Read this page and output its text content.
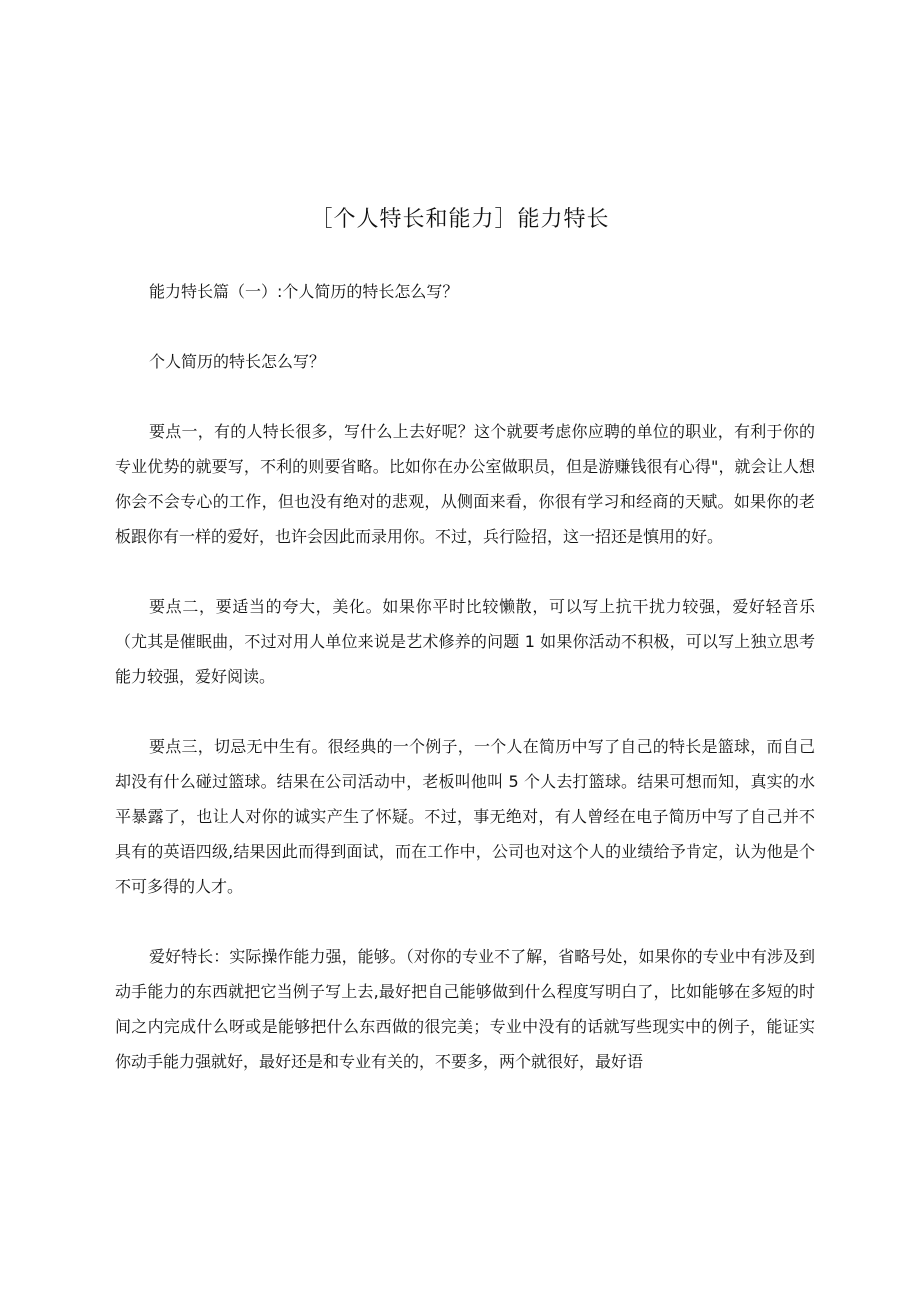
［个人特长和能力］能力特长

能力特长篇（一）:个人简历的特长怎么写？

个人简历的特长怎么写？

要点一，有的人特长很多，写什么上去好呢？这个就要考虑你应聘的单位的职业，有利于你的专业优势的就要写，不利的则要省略。比如你在办公室做职员，但是游赚钱很有心得"，就会让人想你会不会专心的工作，但也没有绝对的悲观，从侧面来看，你很有学习和经商的天赋。如果你的老板跟你有一样的爱好，也许会因此而录用你。不过，兵行险招，这一招还是慎用的好。

要点二，要适当的夸大，美化。如果你平时比较懒散，可以写上抗干扰力较强，爱好轻音乐（尤其是催眠曲，不过对用人单位来说是艺术修养的问题 1 如果你活动不积极，可以写上独立思考能力较强，爱好阅读。

要点三，切忌无中生有。很经典的一个例子，一个人在简历中写了自己的特长是篮球，而自己却没有什么碰过篮球。结果在公司活动中，老板叫他叫 5 个人去打篮球。结果可想而知，真实的水平暴露了，也让人对你的诚实产生了怀疑。不过，事无绝对，有人曾经在电子简历中写了自己并不具有的英语四级,结果因此而得到面试，而在工作中，公司也对这个人的业绩给予肯定，认为他是个不可多得的人才。

爱好特长：实际操作能力强，能够。（对你的专业不了解，省略号处，如果你的专业中有涉及到动手能力的东西就把它当例子写上去,最好把自己能够做到什么程度写明白了，比如能够在多短的时间之内完成什么呀或是能够把什么东西做的很完美；专业中没有的话就写些现实中的例子，能证实你动手能力强就好，最好还是和专业有关的，不要多，两个就很好，最好语
